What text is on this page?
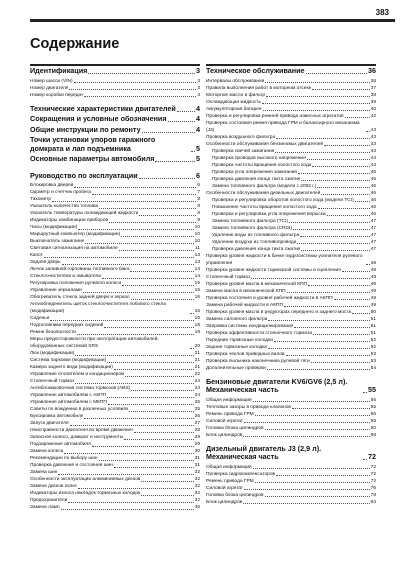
383
Содержание
Идентификация	3
Номер шасси (VIN)	3
Номер двигателя	3
Номер коробки передач	3
Технические характеристики двигателей	4
Сокращения и условные обозначения	4
Общие инструкции по ремонту	4
Точки установки упоров гаражного домкрата и лап подъемника	5
Основные параметры автомобиля	5
Руководство по эксплуатации	6
Блокировка дверей	6
Одометр и счетчик пробега	7
Тахометр	8
Указатель количества топлива	8
Указатель температуры охлаждающей жидкости	8
Индикаторы комбинации приборов	9
Часы (модификации)	10
Маршрутный компьютер (модификации)	10
Выключатель зажигания	10
Световая сигнализация на автомобиле	11
Капот	13
Задняя дверь	13
Лючок заливной горловины топливного бака	14
Стеклоочистители и омыватели	14
Регулировка положения рулевого колеса	15
Управление зеркалами	15
Обогреватель стекла задней двери и зеркал	16
Антиобледенитель щеток стеклоочистителя лобового стекла (модификации)	16
Сиденья	16
Подголовники передних сидений	18
Ремни безопасности	18
Меры предосторожности при эксплуатации автомобилей, оборудованных системой SRS	20
Люк (модификации)	21
Система парковки (модификации)	21
Камера заднего вида (модификации)	21
Управление отопителем и кондиционером	22
Стояночный тормоз	24
Антиблокировочная система тормозов (ABS)	24
Управление автомобилем с АКПП	24
Управление автомобилем с МКПП	25
Советы по вождению в различных условиях	25
Буксировка автомобиля	26
Запуск двигателя	27
Неисправности двигателя во время движения	28
Запасное колесо, домкрат и инструменты	29
Подзаряжение автомобиля	29
Замена колеса	30
Рекомендации по выбору шин	31
Проверка давления и состояния шин	31
Замена шин	32
Особенности эксплуатации алюминиевых дисков	32
Замена дисков колес	32
Индикаторы износа накладок тормозных колодок	32
Предохранители	32
Замена ламп	35
Техническое обслуживание	36
Интервалы обслуживания	36
Правила выполнения работ в моторном отсеке	37
Моторное масло и фильтр	38
Охлаждающая жидкость	39
Аккумуляторная батарея	40
Проверка и регулировка ремней привода навесных агрегатов	42
Проверка состояния ремня привода ГРМ и балансирного механизма (J3)	43
Проверка воздушного фильтра	43
Особенности обслуживания бензиновых двигателей	43
Проверка свечей зажигания	43
Проверка проводов высокого напряжения	44
Проверка частоты вращения холостого хода	44
Проверка угла опережения зажигания	45
Проверка давления конца такта сжатия	45
Замена топливного фильтра (модели с 2002 г.)	46
Особенности обслуживания дизельных двигателей	46
Проверка и регулировка оборотов холостого хода (модели TCI)	46
Повышение частоты вращения холостого хода	46
Проверка и регулировка угла опережения впрыска	46
Замена топливного фильтра (TCI)	47
Замена топливного фильтра (CRDI)	47
Удаление воды из топливного фильтра	47
Удаление воздуха из топливопровода	47
Проверка давления конца такта сжатия	47
Проверка уровня жидкости в бачке гидросистемы усилителя рулевого управления	48
Проверка уровня жидкости тормозной системы и сцепления	48
Стояночный тормоз	49
Проверка уровня масла в механической КПП	49
Замена масла в механической КПП	49
Проверка состояния и уровня рабочей жидкости в АКПП	49
Замена рабочей жидкости в АКПП	49
Проверка уровня масла в редукторах переднего и заднего моста	50
Замена салонного фильтра	51
Заправка системы кондиционирования	51
Проверка эффективности стояночного тормоза	51
Передние тормозные колодки	52
Задние тормозные колодки	52
Проверка чехлов приводных валов	53
Проверка пыльника наконечника рулевой тяги	53
Дополнительные проверки	54
Бензиновые двигатели KV6/GV6 (2,5 л). Механическая часть	55
Общая информация	55
Тепловые зазоры в приводе клапанов	55
Ремень привода ГРМ	56
Силовой агрегат	59
Головка блока цилиндров	60
Блок цилиндров	68
Дизельный двигатель J3 (2,9 л). Механическая часть	72
Общая информация	72
Проверка гидрокомпенсаторов	72
Ремень привода ГРМ	72
Силовой агрегат	76
Головка блока цилиндров	78
Блок цилиндров	84
